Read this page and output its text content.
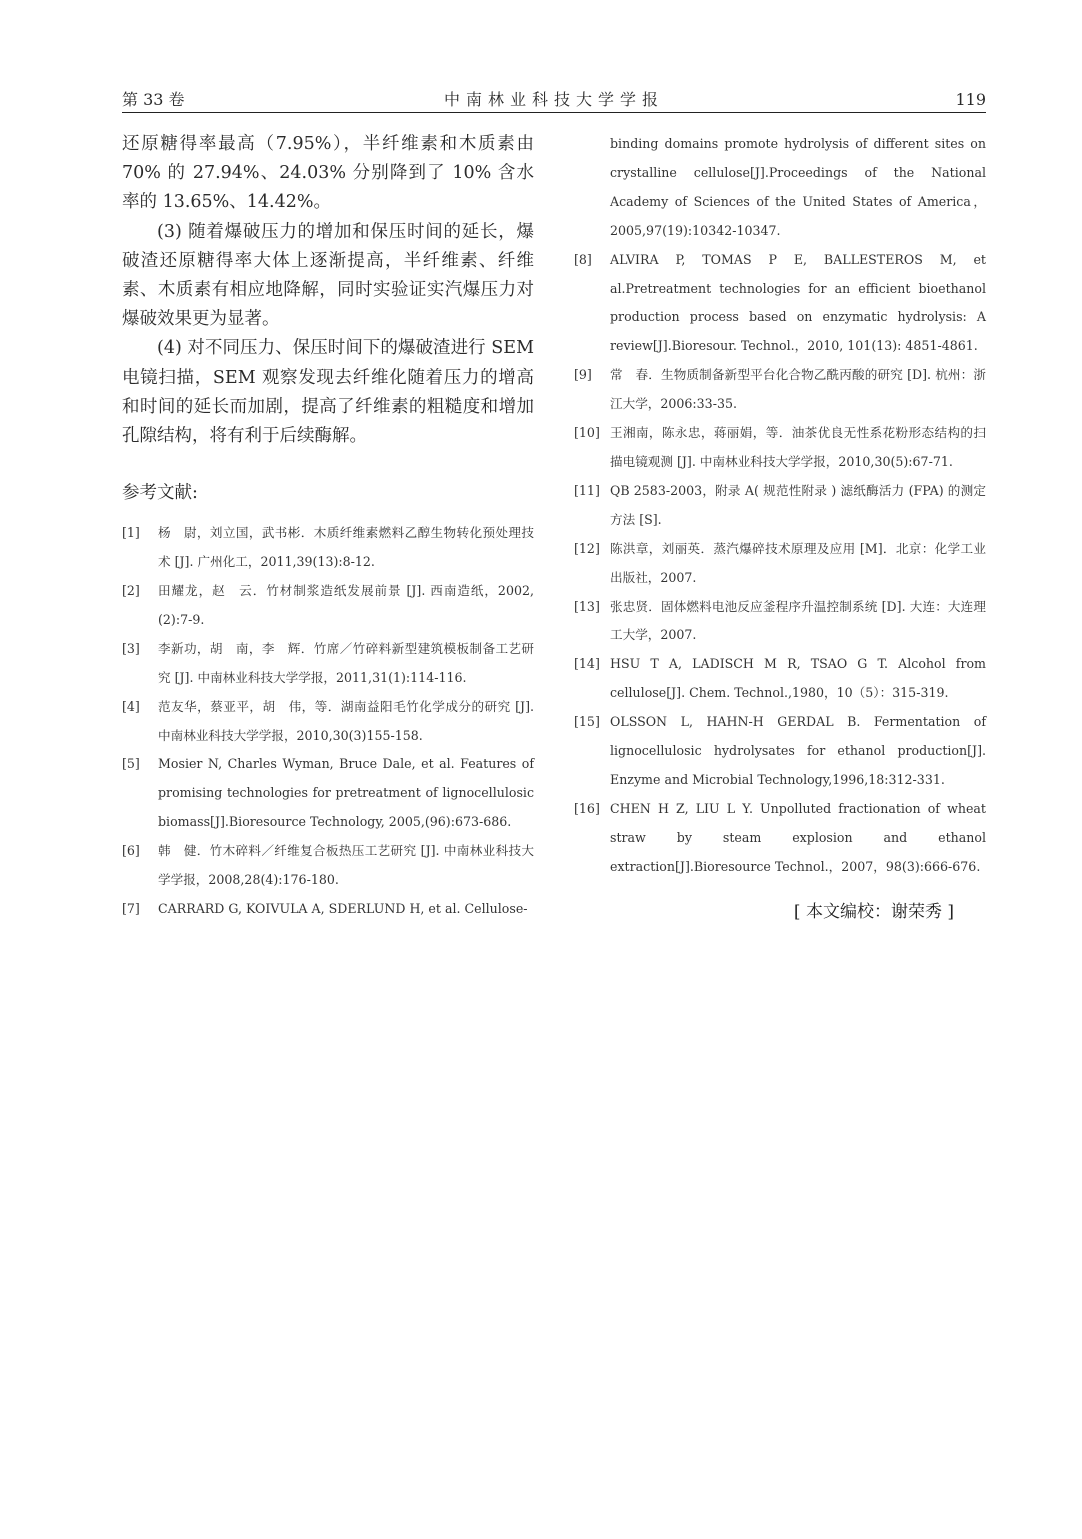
第 33 卷	中南林业科技大学学报	119

还原糖得率最高（7.95%），半纤维素和木质素由 70% 的 27.94%、24.03% 分别降到了 10% 含水率的 13.65%、14.42%。

(3) 随着爆破压力的增加和保压时间的延长，爆破渣还原糖得率大体上逐渐提高，半纤维素、纤维素、木质素有相应地降解，同时实验证实汽爆压力对爆破效果更为显著。

(4) 对不同压力、保压时间下的爆破渣进行 SEM 电镜扫描，SEM 观察发现去纤维化随着压力的增高和时间的延长而加剧，提高了纤维素的粗糙度和增加孔隙结构，将有利于后续酶解。

参考文献:
[1] 杨　尉，刘立国，武书彬．木质纤维素燃料乙醇生物转化预处理技术 [J]. 广州化工，2011,39(13):8-12.
[2] 田耀龙，赵　云．竹材制浆造纸发展前景 [J]. 西南造纸，2002,(2):7-9.
[3] 李新功，胡　南，李　辉．竹席／竹碎料新型建筑模板制备工艺研究 [J]. 中南林业科技大学学报，2011,31(1):114-116.
[4] 范友华，蔡亚平，胡　伟，等．湖南益阳毛竹化学成分的研究 [J]. 中南林业科技大学学报，2010,30(3)155-158.
[5] Mosier N, Charles Wyman, Bruce Dale, et al. Features of promising technologies for pretreatment of lignocellulosic biomass[J].Bioresource Technology, 2005,(96):673-686.
[6] 韩　健．竹木碎料／纤维复合板热压工艺研究 [J]. 中南林业科技大学学报，2008,28(4):176-180.
[7] CARRARD G, KOIVULA A, SDERLUND H, et al. Cellulose-
binding domains promote hydrolysis of different sites on crystalline cellulose[J].Proceedings of the National Academy of Sciences of the United States of America，2005,97(19):10342-10347.
[8] ALVIRA P, TOMAS P E, BALLESTEROS M, et al.Pretreatment technologies for an efficient bioethanol production process based on enzymatic hydrolysis: A review[J].Bioresour. Technol.，2010, 101(13): 4851-4861.
[9] 常　春．生物质制备新型平台化合物乙酰丙酸的研究 [D]. 杭州：浙江大学，2006:33-35.
[10] 王湘南，陈永忠，蒋丽娟，等．油茶优良无性系花粉形态结构的扫描电镜观测 [J]. 中南林业科技大学学报，2010,30(5):67-71.
[11] QB 2583-2003，附录 A( 规范性附录 ) 滤纸酶活力 (FPA) 的测定方法 [S].
[12] 陈洪章，刘丽英．蒸汽爆碎技术原理及应用 [M]．北京：化学工业出版社，2007.
[13] 张忠贤．固体燃料电池反应釜程序升温控制系统 [D]. 大连：大连理工大学，2007.
[14] HSU T A, LADISCH M R, TSAO G T. Alcohol from cellulose[J]. Chem. Technol.,1980，10（5）：315-319.
[15] OLSSON L, HAHN-H GERDAL B. Fermentation of lignocellulosic hydrolysates for ethanol production[J]. Enzyme and Microbial Technology,1996,18:312-331.
[16] CHEN H Z, LIU L Y. Unpolluted fractionation of wheat straw by steam explosion and ethanol extraction[J].Bioresource Technol.，2007，98(3):666-676.
[ 本文编校：谢荣秀 ]
